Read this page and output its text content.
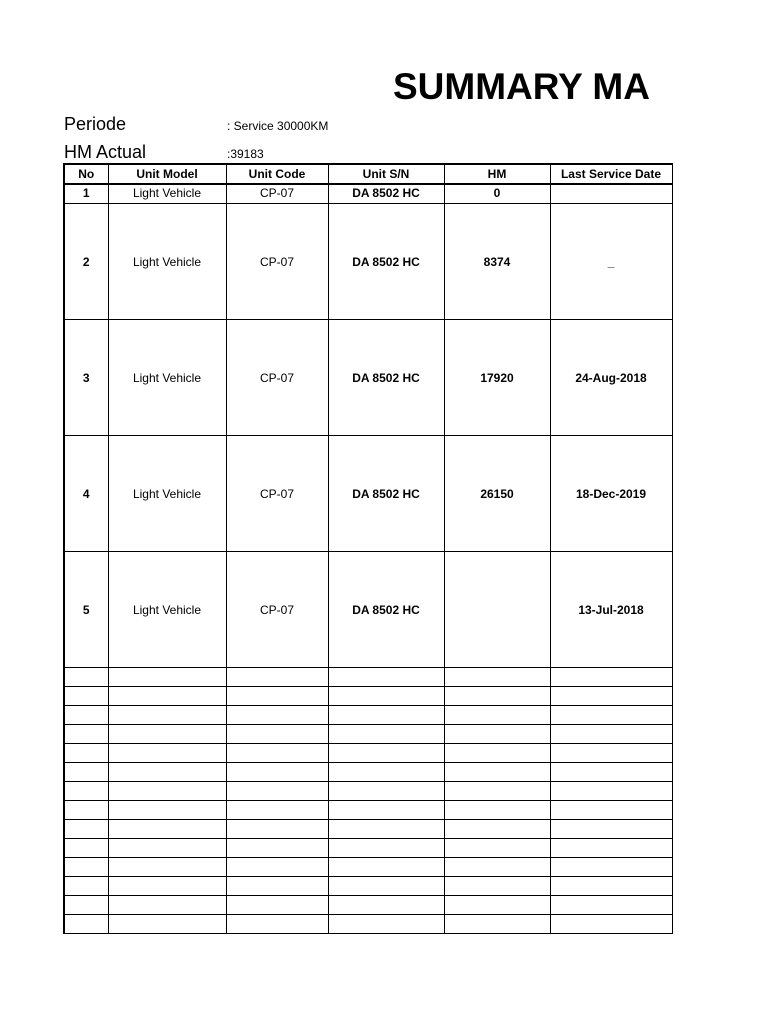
SUMMARY MA
Periode	: Service 30000KM
HM Actual	:39183
No	Unit Model	Unit Code	Unit S/N	HM	Last Service Date
1	Light Vehicle	CP-07	DA 8502 HC	0	
2	Light Vehicle	CP-07	DA 8502 HC	8374	_
3	Light Vehicle	CP-07	DA 8502 HC	17920	24-Aug-2018
4	Light Vehicle	CP-07	DA 8502 HC	26150	18-Dec-2019
5	Light Vehicle	CP-07	DA 8502 HC		13-Jul-2018
